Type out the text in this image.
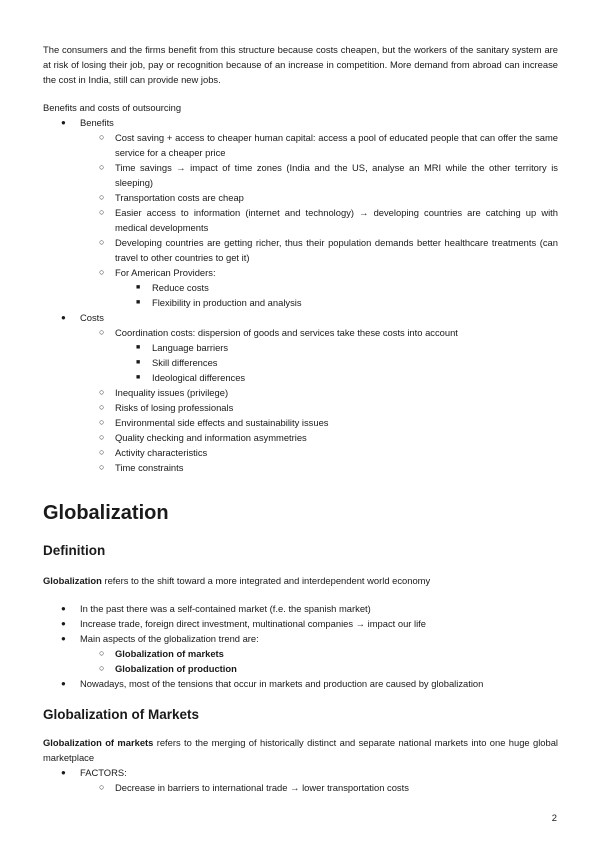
The consumers and the firms benefit from this structure because costs cheapen, but the workers of the sanitary system are at risk of losing their job, pay or recognition because of an increase in competition. More demand from abroad can increase the cost in India, still can provide new jobs.

Benefits and costs of outsourcing

● Benefits
○ Cost saving + access to cheaper human capital: access a pool of educated people that can offer the same service for a cheaper price
○ Time savings → impact of time zones (India and the US, analyse an MRI while the other territory is sleeping)
○ Transportation costs are cheap
○ Easier access to information (internet and technology) → developing countries are catching up with medical developments
○ Developing countries are getting richer, thus their population demands better healthcare treatments (can travel to other countries to get it)
○ For American Providers:
■ Reduce costs
■ Flexibility in production and analysis
● Costs
○ Coordination costs: dispersion of goods and services take these costs into account
■ Language barriers
■ Skill differences
■ Ideological differences
○ Inequality issues (privilege)
○ Risks of losing professionals
○ Environmental side effects and sustainability issues
○ Quality checking and information asymmetries
○ Activity characteristics
○ Time constraints
Globalization
Definition

Globalization refers to the shift toward a more integrated and interdependent world economy

● In the past there was a self-contained market (f.e. the spanish market)
● Increase trade, foreign direct investment, multinational companies → impact our life
● Main aspects of the globalization trend are:
○ Globalization of markets
○ Globalization of production
● Nowadays, most of the tensions that occur in markets and production are caused by globalization
Globalization of Markets

Globalization of markets refers to the merging of historically distinct and separate national markets into one huge global marketplace

● FACTORS:
○ Decrease in barriers to international trade → lower transportation costs
2
